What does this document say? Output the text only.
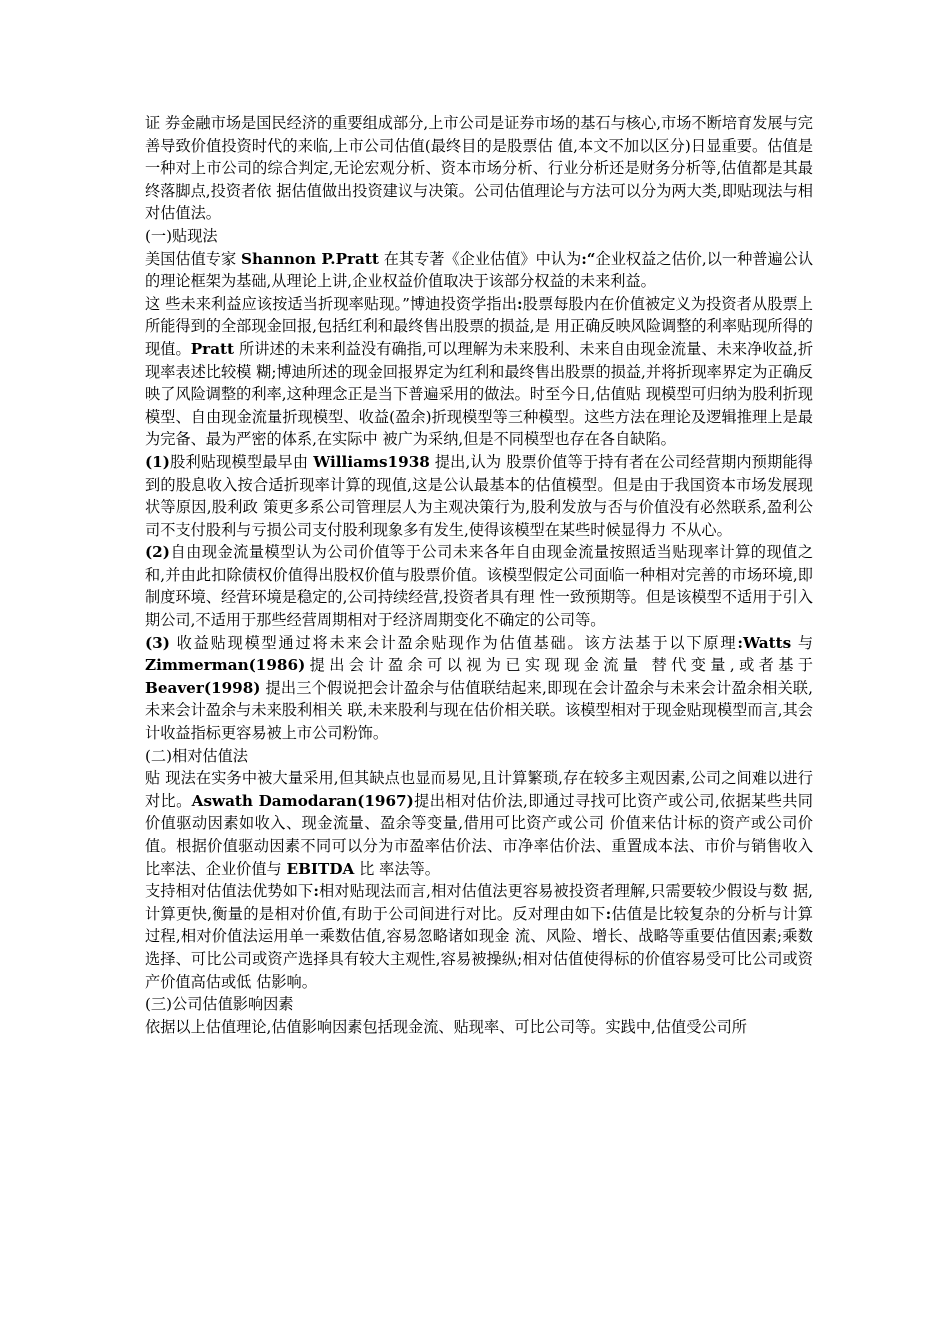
证 券金融市场是国民经济的重要组成部分,上市公司是证券市场的基石与核心,市场不断培育发展与完善导致价值投资时代的来临,上市公司估值(最终目的是股票估 值,本文不加以区分)日显重要。估值是一种对上市公司的综合判定,无论宏观分析、资本市场分析、行业分析还是财务分析等,估值都是其最终落脚点,投资者依 据估值做出投资建议与决策。公司估值理论与方法可以分为两大类,即贴现法与相对估值法。

(一)贴现法

美国估值专家 Shannon P.Pratt 在其专著《企业估值》中认为:“企业权益之估价,以一种普遍公认的理论框架为基础,从理论上讲,企业权益价值取决于该部分权益的未来利益。

这 些未来利益应该按适当折现率贴现。”博迪投资学指出:股票每股内在价值被定义为投资者从股票上所能得到的全部现金回报,包括红利和最终售出股票的损益,是 用正确反映风险调整的利率贴现所得的现值。Pratt 所讲述的未来利益没有确指,可以理解为未来股利、未来自由现金流量、未来净收益,折现率表述比较模 糊;博迪所述的现金回报界定为红利和最终售出股票的损益,并将折现率界定为正确反映了风险调整的利率,这种理念正是当下普遍采用的做法。时至今日,估值贴 现模型可归纳为股利折现模型、自由现金流量折现模型、收益(盈余)折现模型等三种模型。这些方法在理论及逻辑推理上是最为完备、最为严密的体系,在实际中 被广为采纳,但是不同模型也存在各自缺陷。

(1)股利贴现模型最早由 Williams1938 提出,认为 股票价值等于持有者在公司经营期内预期能得到的股息收入按合适折现率计算的现值,这是公认最基本的估值模型。但是由于我国资本市场发展现状等原因,股利政 策更多系公司管理层人为主观决策行为,股利发放与否与价值没有必然联系,盈利公司不支付股利与亏损公司支付股利现象多有发生,使得该模型在某些时候显得力 不从心。

(2)自由现金流量模型认为公司价值等于公司未来各年自由现金流量按照适当贴现率计算的现值之 和,并由此扣除债权价值得出股权价值与股票价值。该模型假定公司面临一种相对完善的市场环境,即制度环境、经营环境是稳定的,公司持续经营,投资者具有理 性一致预期等。但是该模型不适用于引入期公司,不适用于那些经营周期相对于经济周期变化不确定的公司等。

(3) 收益贴现模型通过将未来会计盈余贴现作为估值基础。该方法基于以下原理:Watts 与 Zimmerman(1986)提出会计盈余可以视为已实现现金流量 替代变量,或者基于 Beaver(1998) 提出三个假说把会计盈余与估值联结起来,即现在会计盈余与未来会计盈余相关联,未来会计盈余与未来股利相关 联,未来股利与现在估价相关联。该模型相对于现金贴现模型而言,其会计收益指标更容易被上市公司粉饰。

(二)相对估值法

贴 现法在实务中被大量采用,但其缺点也显而易见,且计算繁琐,存在较多主观因素,公司之间难以进行对比。Aswath Damodaran(1967)提出相对估价法,即通过寻找可比资产或公司,依据某些共同价值驱动因素如收入、现金流量、盈余等变量,借用可比资产或公司 价值来估计标的资产或公司价值。根据价值驱动因素不同可以分为市盈率估价法、市净率估价法、重置成本法、市价与销售收入比率法、企业价值与 EBITDA 比 率法等。

支持相对估值法优势如下:相对贴现法而言,相对估值法更容易被投资者理解,只需要较少假设与数 据,计算更快,衡量的是相对价值,有助于公司间进行对比。反对理由如下:估值是比较复杂的分析与计算过程,相对价值法运用单一乘数估值,容易忽略诸如现金 流、风险、增长、战略等重要估值因素;乘数选择、可比公司或资产选择具有较大主观性,容易被操纵;相对估值使得标的价值容易受可比公司或资产价值高估或低 估影响。

(三)公司估值影响因素

依据以上估值理论,估值影响因素包括现金流、贴现率、可比公司等。实践中,估值受公司所
